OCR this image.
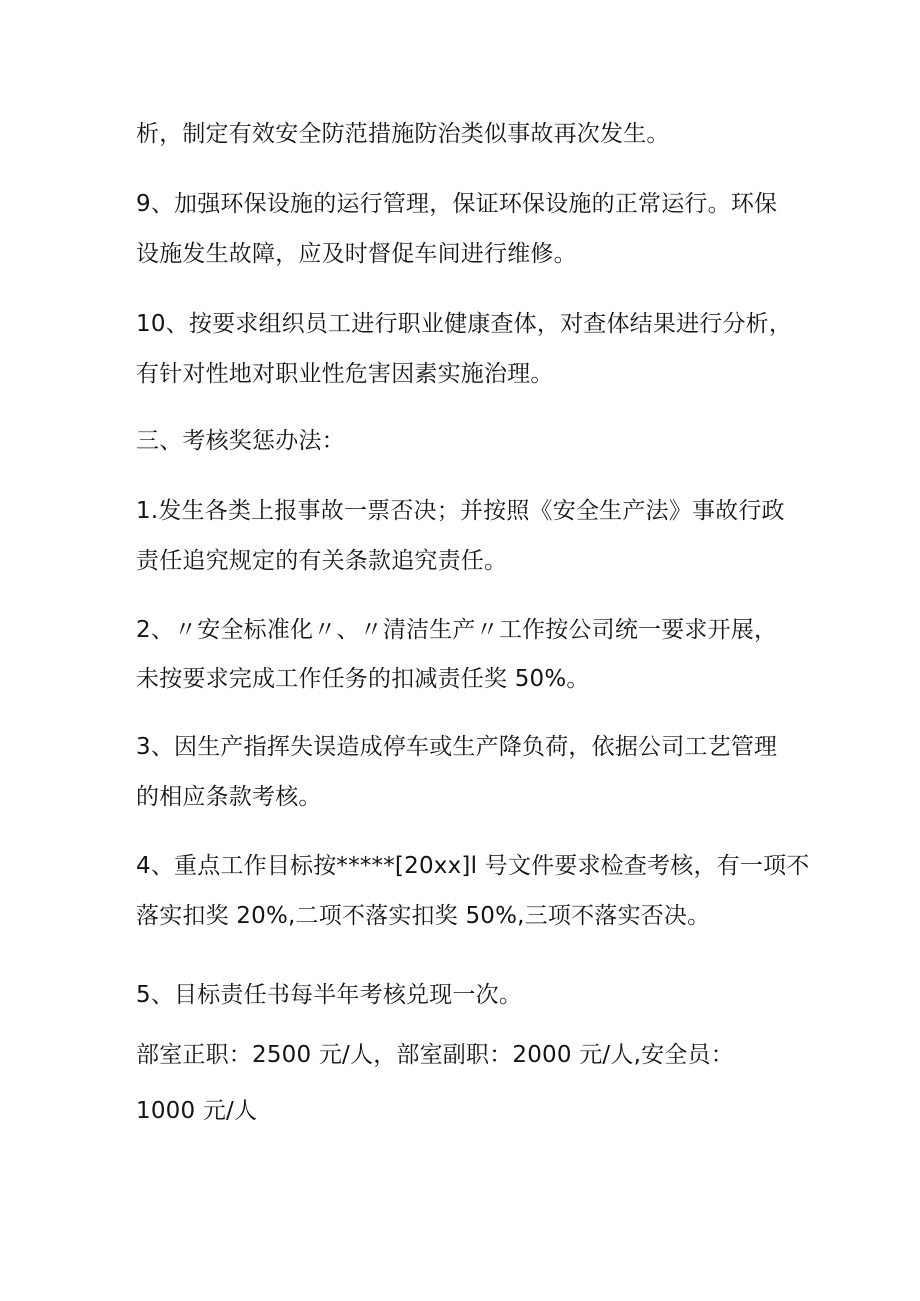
析，制定有效安全防范措施防治类似事故再次发生。

9、加强环保设施的运行管理，保证环保设施的正常运行。环保

设施发生故障，应及时督促车间进行维修。

10、按要求组织员工进行职业健康查体，对查体结果进行分析，

有针对性地对职业性危害因素实施治理。

三、考核奖惩办法：

1.发生各类上报事故一票否决；并按照《安全生产法》事故行政

责任追究规定的有关条款追究责任。

2、〃安全标准化〃、〃清洁生产〃工作按公司统一要求开展，

未按要求完成工作任务的扣减责任奖 50%。

3、因生产指挥失误造成停车或生产降负荷，依据公司工艺管理

的相应条款考核。

4、重点工作目标按*****[20xx]l 号文件要求检查考核，有一项不

落实扣奖 20%,二项不落实扣奖 50%,三项不落实否决。

5、目标责任书每半年考核兑现一次。

部室正职：2500 元/人，部室副职：2000 元/人,安全员：

1000 元/人
